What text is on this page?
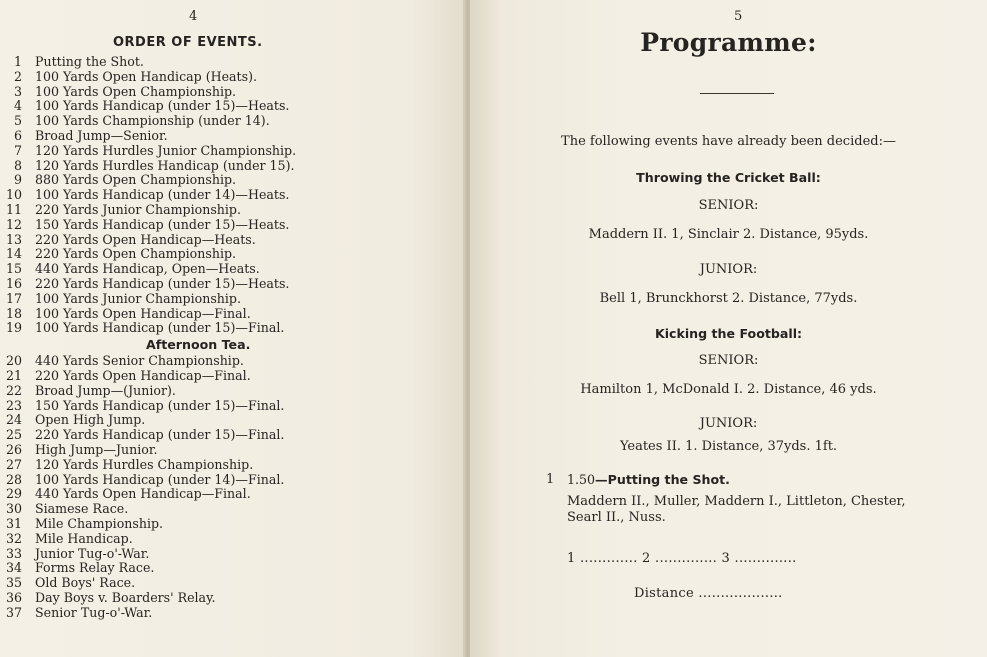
4
ORDER OF EVENTS.
1 Putting the Shot.
2 100 Yards Open Handicap (Heats).
3 100 Yards Open Championship.
4 100 Yards Handicap (under 15)—Heats.
5 100 Yards Championship (under 14).
6 Broad Jump—Senior.
7 120 Yards Hurdles Junior Championship.
8 120 Yards Hurdles Handicap (under 15).
9 880 Yards Open Championship.
10 100 Yards Handicap (under 14)—Heats.
11 220 Yards Junior Championship.
12 150 Yards Handicap (under 15)—Heats.
13 220 Yards Open Handicap—Heats.
14 220 Yards Open Championship.
15 440 Yards Handicap, Open—Heats.
16 220 Yards Handicap (under 15)—Heats.
17 100 Yards Junior Championship.
18 100 Yards Open Handicap—Final.
19 100 Yards Handicap (under 15)—Final.
Afternoon Tea.
20 440 Yards Senior Championship.
21 220 Yards Open Handicap—Final.
22 Broad Jump—(Junior).
23 150 Yards Handicap (under 15)—Final.
24 Open High Jump.
25 220 Yards Handicap (under 15)—Final.
26 High Jump—Junior.
27 120 Yards Hurdles Championship.
28 100 Yards Handicap (under 14)—Final.
29 440 Yards Open Handicap—Final.
30 Siamese Race.
31 Mile Championship.
32 Mile Handicap.
33 Junior Tug-o'-War.
34 Forms Relay Race.
35 Old Boys' Race.
36 Day Boys v. Boarders' Relay.
37 Senior Tug-o'-War.
5
Programme:
The following events have already been decided:—
Throwing the Cricket Ball:
SENIOR:
Maddern II. 1, Sinclair 2. Distance, 95yds.
JUNIOR:
Bell 1, Brunckhorst 2. Distance, 77yds.
Kicking the Football:
SENIOR:
Hamilton 1, McDonald I. 2. Distance, 46 yds.
JUNIOR:
Yeates II. 1. Distance, 37yds. 1ft.
1 1.50—Putting the Shot.
Maddern II., Muller, Maddern I., Littleton, Chester,
Searl II., Nuss.
1 ............. 2 .............. 3 ..............
Distance ...................
